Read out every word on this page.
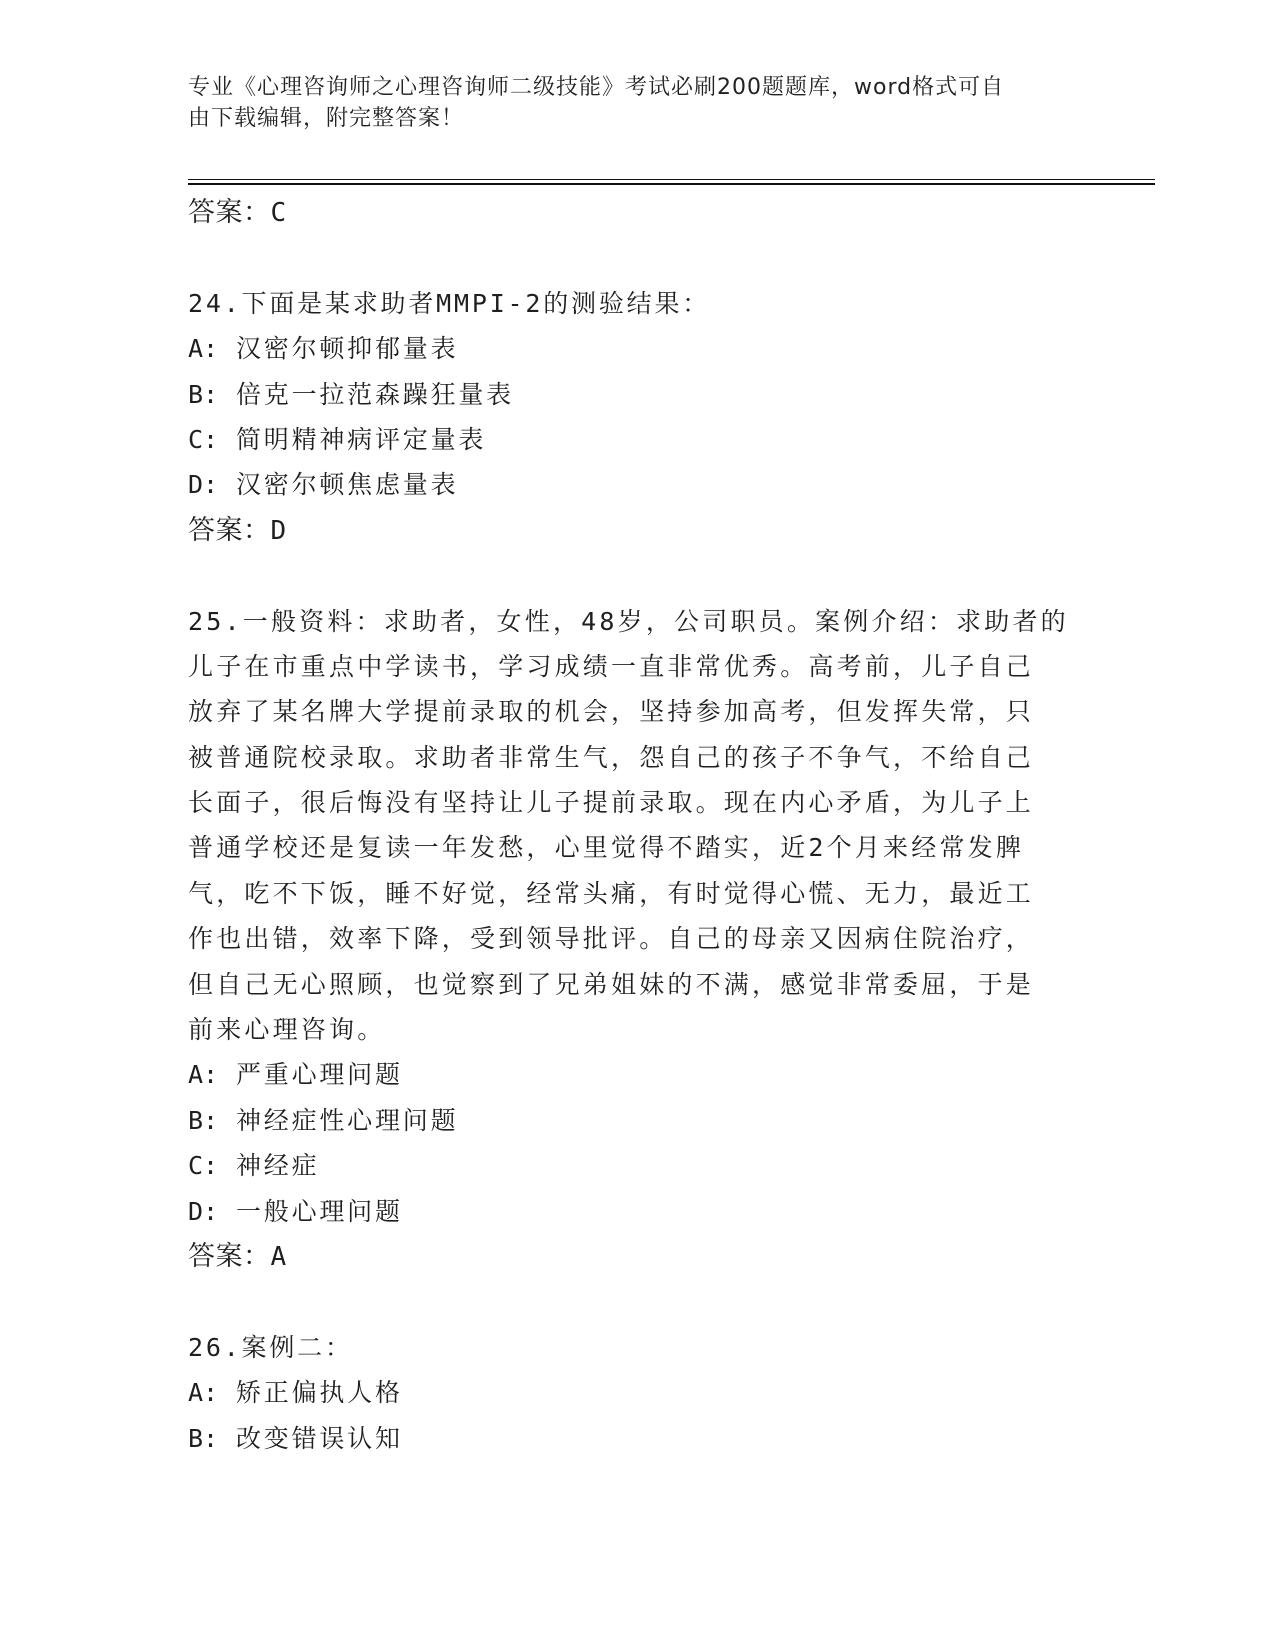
专业《心理咨询师之心理咨询师二级技能》考试必刷200题题库，word格式可自
由下载编辑，附完整答案！
答案：C
24.下面是某求助者MMPI-2的测验结果：
A: 汉密尔顿抑郁量表
B: 倍克一拉范森躁狂量表
C: 简明精神病评定量表
D: 汉密尔顿焦虑量表
答案：D
25.一般资料：求助者，女性，48岁，公司职员。案例介绍：求助者的
儿子在市重点中学读书，学习成绩一直非常优秀。高考前，儿子自己
放弃了某名牌大学提前录取的机会，坚持参加高考，但发挥失常，只
被普通院校录取。求助者非常生气，怨自己的孩子不争气，不给自己
长面子，很后悔没有坚持让儿子提前录取。现在内心矛盾，为儿子上
普通学校还是复读一年发愁，心里觉得不踏实，近2个月来经常发脾
气，吃不下饭，睡不好觉，经常头痛，有时觉得心慌、无力，最近工
作也出错，效率下降，受到领导批评。自己的母亲又因病住院治疗，
但自己无心照顾，也觉察到了兄弟姐妹的不满，感觉非常委屈，于是
前来心理咨询。
A: 严重心理问题
B: 神经症性心理问题
C: 神经症
D: 一般心理问题
答案：A
26.案例二：
A: 矫正偏执人格
B: 改变错误认知
